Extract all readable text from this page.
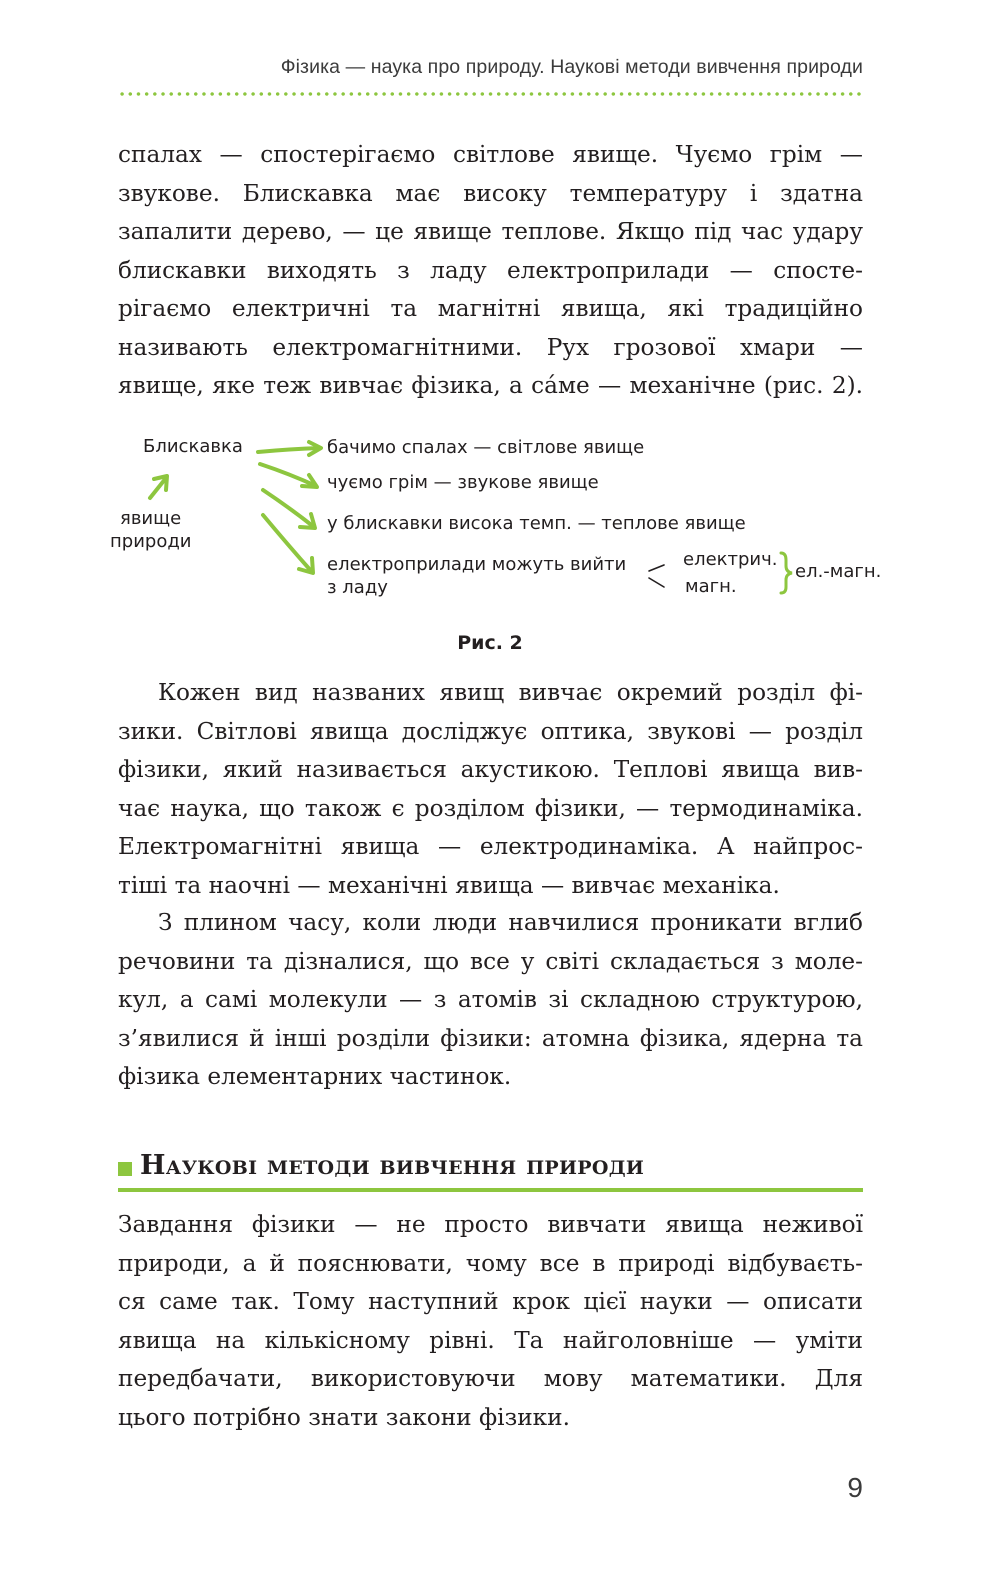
Фізика — наука про природу. Наукові методи вивчення природи

спалах — спостерігаємо світлове явище. Чуємо грім —
звукове. Блискавка має високу температуру і здатна
запалити дерево, — це явище теплове. Якщо під час удару
блискавки виходять з ладу електроприлади — спосте-
рігаємо електричні та магнітні явища, які традиційно
називають електромагнітними. Рух грозової хмари —
явище, яке теж вивчає фізика, а са́ме — механічне (рис. 2).

Блискавка
явище
природи
бачимо спалах — світлове явище
чуємо грім — звукове явище
у блискавки висока темп. — теплове явище
електроприлади можуть вийти
з ладу
електрич.
магн.
ел.-магн.
Рис. 2

Кожен вид названих явищ вивчає окремий розділ фі-
зики. Світлові явища досліджує оптика, звукові — розділ
фізики, який називається акустикою. Теплові явища вив-
чає наука, що також є розділом фізики, — термодинаміка.
Електромагнітні явища — електродинаміка. А найпрос-
тіші та наочні — механічні явища — вивчає механіка.

З плином часу, коли люди навчилися проникати вглиб
речовини та дізналися, що все у світі складається з моле-
кул, а самі молекули — з атомів зі складною структурою,
з’явилися й інші розділи фізики: атомна фізика, ядерна та
фізика елементарних частинок.

Наукові методи вивчення природи

Завдання фізики — не просто вивчати явища неживої
природи, а й пояснювати, чому все в природі відбуваєть-
ся саме так. Тому наступний крок цієї науки — описати
явища на кількісному рівні. Та найголовніше — уміти
передбачати, використовуючи мову математики. Для
цього потрібно знати закони фізики.

9
